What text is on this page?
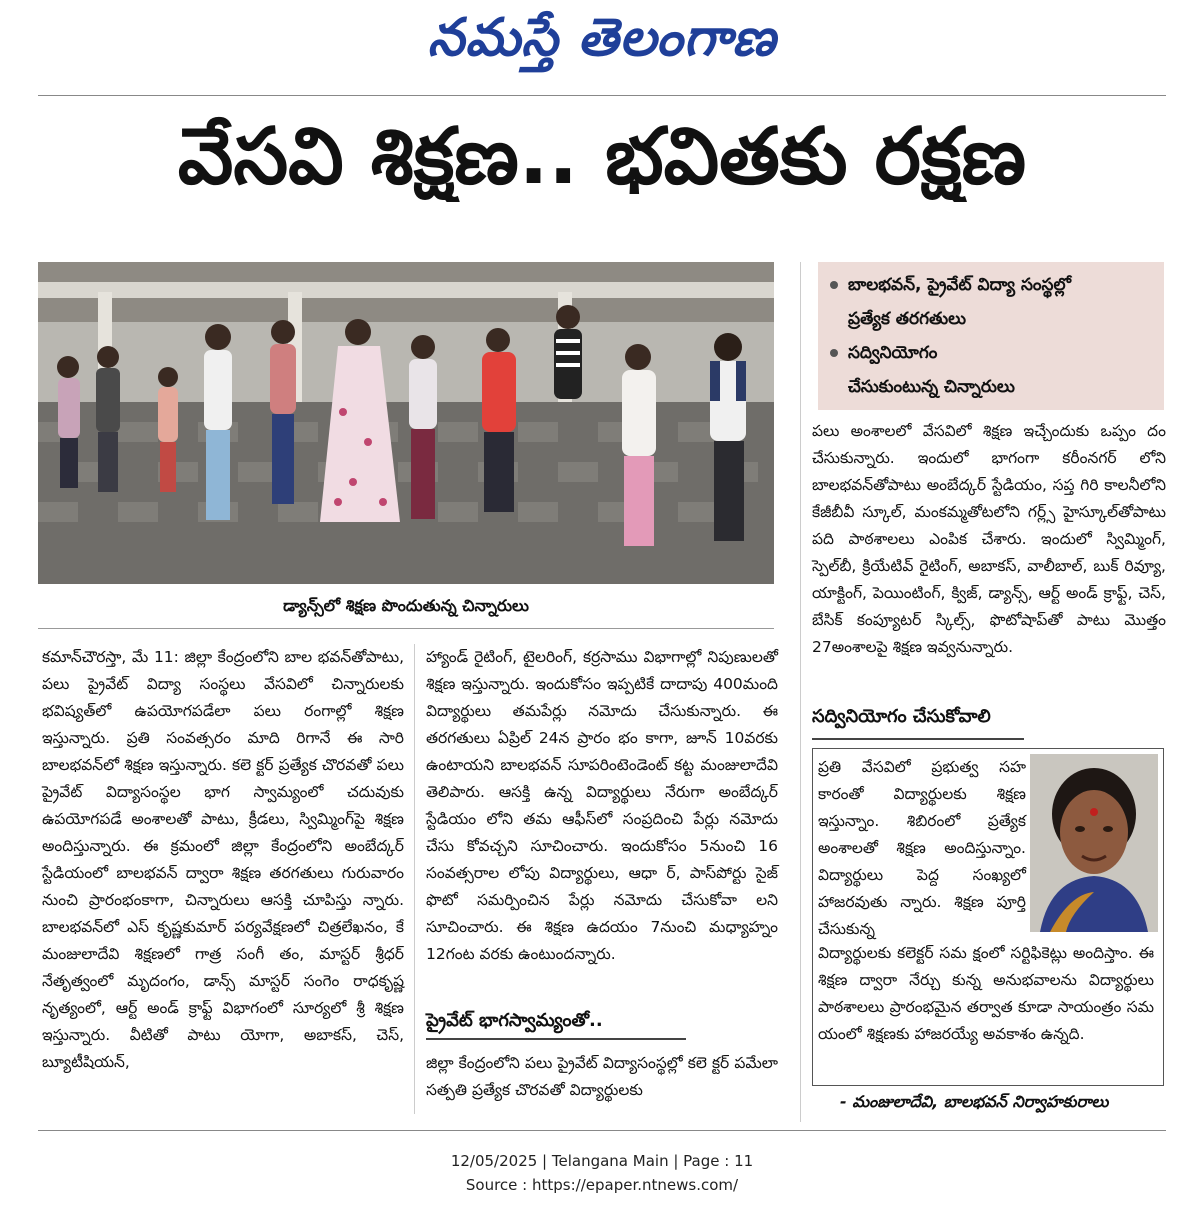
నమస్తే తెలంగాణ
వేసవి శిక్షణ.. భవితకు రక్షణ
డ్యాన్స్‌లో శిక్షణ పొందుతున్న చిన్నారులు
బాలభవన్, ప్రైవేట్ విద్యా సంస్థల్లో
ప్రత్యేక తరగతులు
సద్వినియోగం
చేసుకుంటున్న చిన్నారులు
కమాన్‌చౌరస్తా, మే 11: జిల్లా కేంద్రంలోని బాల భవన్‌తోపాటు, పలు ప్రైవేట్ విద్యా సంస్థలు వేసవిలో చిన్నారులకు భవిష్యత్‌లో ఉపయోగపడేలా పలు రంగాల్లో శిక్షణ ఇస్తున్నారు. ప్రతి సంవత్సరం మాది రిగానే ఈ సారి బాలభవన్‌లో శిక్షణ ఇస్తున్నారు. కలె క్టర్ ప్రత్యేక చొరవతో పలు ప్రైవేట్ విద్యాసంస్థల భాగ స్వామ్యంలో చదువుకు ఉపయోగపడే అంశాలతో పాటు, క్రీడలు, స్విమ్మింగ్‌పై శిక్షణ అందిస్తున్నారు. ఈ క్రమంలో జిల్లా కేంద్రంలోని అంబేద్కర్ స్టేడియంలో బాలభవన్ ద్వారా శిక్షణ తరగతులు గురువారం నుంచి ప్రారంభంకాగా, చిన్నారులు ఆసక్తి చూపిస్తు న్నారు. బాలభవన్‌లో ఎస్ కృష్ణకుమార్ పర్యవేక్షణలో చిత్రలేఖనం, కే మంజులాదేవి శిక్షణలో గాత్ర సంగీ తం, మాస్టర్ శ్రీధర్ నేతృత్వంలో మృదంగం, డాన్స్ మాస్టర్ సంగెం రాధకృష్ణ నృత్యంలో, ఆర్ట్ అండ్ క్రాఫ్ట్ విభాగంలో సూర్యలో శ్రీ శిక్షణ ఇస్తున్నారు. వీటితో పాటు యోగా, అబాకస్, చెస్, బ్యూటీషియన్,
హ్యాండ్ రైటింగ్, టైలరింగ్, కర్రసాము విభాగాల్లో నిపుణులతో శిక్షణ ఇస్తున్నారు. ఇందుకోసం ఇప్పటికే దాదాపు 400మంది విద్యార్థులు తమపేర్లు నమోదు చేసుకున్నారు. ఈ తరగతులు ఏప్రిల్ 24న ప్రారం భం కాగా, జూన్ 10వరకు ఉంటాయని బాలభవన్ సూపరింటెండెంట్ కట్ట మంజులాదేవి తెలిపారు. ఆసక్తి ఉన్న విద్యార్థులు నేరుగా అంబేద్కర్ స్టేడియం లోని తమ ఆఫీస్‌లో సంప్రదించి పేర్లు నమోదు చేసు కోవచ్చని సూచించారు. ఇందుకోసం 5నుంచి 16 సంవత్సరాల లోపు విద్యార్థులు, ఆధా ర్, పాస్‌పోర్టు సైజ్ ఫొటో సమర్పించిన పేర్లు నమోదు చేసుకోవా లని సూచించారు. ఈ శిక్షణ ఉదయం 7నుంచి మధ్యాహ్నం 12గంట వరకు ఉంటుందన్నారు.
ప్రైవేట్ భాగస్వామ్యంతో..
జిల్లా కేంద్రంలోని పలు ప్రైవేట్ విద్యాసంస్థల్లో కలె క్టర్ పమేలా సత్పతి ప్రత్యేక చొరవతో విద్యార్థులకు
పలు అంశాలలో వేసవిలో శిక్షణ ఇచ్చేందుకు ఒప్పం దం చేసుకున్నారు. ఇందులో భాగంగా కరీంనగర్ లోని బాలభవన్‌తోపాటు అంబేద్కర్ స్టేడియం, సప్త గిరి కాలనీలోని కేజీబీవీ స్కూల్, మంకమ్మతోటలోని గర్ల్స్ హైస్కూల్‌తోపాటు పది పాఠశాలలు ఎంపిక చేశారు. ఇందులో స్విమ్మింగ్, స్పెల్‌బీ, క్రియేటివ్ రైటింగ్, అబాకస్, వాలీబాల్, బుక్ రివ్యూ, యాక్టింగ్, పెయింటింగ్, క్విజ్, డ్యాన్స్, ఆర్ట్ అండ్ క్రాఫ్ట్, చెస్, బేసిక్ కంప్యూటర్ స్కిల్స్, ఫొటోషాప్‌తో పాటు మొత్తం 27అంశాలపై శిక్షణ ఇవ్వనున్నారు.
సద్వినియోగం చేసుకోవాలి
ప్రతి వేసవిలో ప్రభుత్వ సహ కారంతో విద్యార్థులకు శిక్షణ ఇస్తున్నాం. శిబిరంలో ప్రత్యేక అంశాలతో శిక్షణ అందిస్తున్నాం. విద్యార్థులు పెద్ద సంఖ్యలో హాజరవుతు న్నారు. శిక్షణ పూర్తి చేసుకున్న
విద్యార్థులకు కలెక్టర్ సమ క్షంలో సర్టిఫికెట్లు అందిస్తాం. ఈ శిక్షణ ద్వారా నేర్చు కున్న అనుభవాలను విద్యార్థులు పాఠశాలలు ప్రారంభమైన తర్వాత కూడా సాయంత్రం సమ యంలో శిక్షణకు హాజరయ్యే అవకాశం ఉన్నది.
- మంజులాదేవి, బాలభవన్ నిర్వాహకురాలు
12/05/2025 | Telangana Main | Page : 11
Source : https://epaper.ntnews.com/
